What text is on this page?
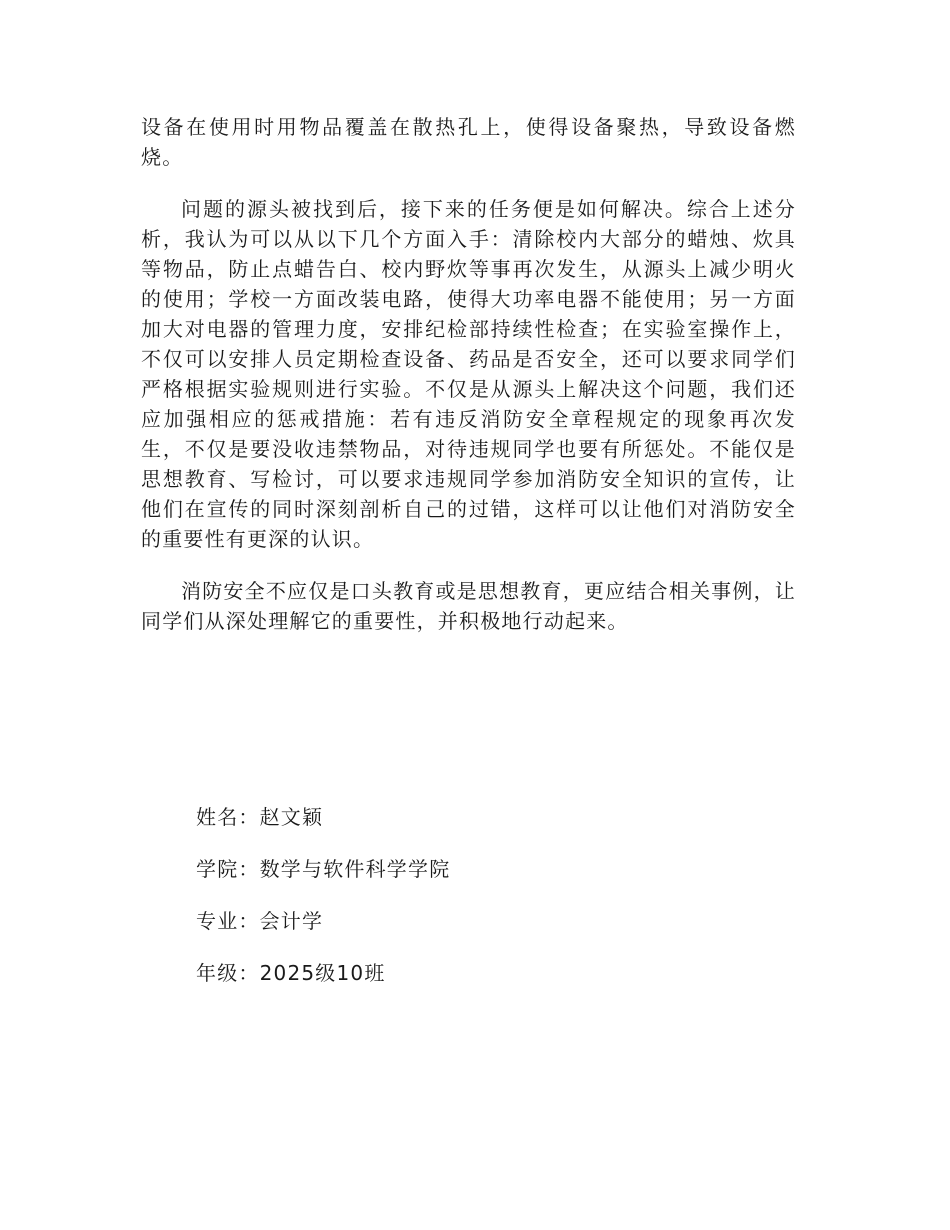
设备在使用时用物品覆盖在散热孔上，使得设备聚热，导致设备燃烧。

问题的源头被找到后，接下来的任务便是如何解决。综合上述分析，我认为可以从以下几个方面入手：清除校内大部分的蜡烛、炊具等物品，防止点蜡告白、校内野炊等事再次发生，从源头上减少明火的使用；学校一方面改装电路，使得大功率电器不能使用；另一方面加大对电器的管理力度，安排纪检部持续性检查；在实验室操作上，不仅可以安排人员定期检查设备、药品是否安全，还可以要求同学们严格根据实验规则进行实验。不仅是从源头上解决这个问题，我们还应加强相应的惩戒措施：若有违反消防安全章程规定的现象再次发生，不仅是要没收违禁物品，对待违规同学也要有所惩处。不能仅是思想教育、写检讨，可以要求违规同学参加消防安全知识的宣传，让他们在宣传的同时深刻剖析自己的过错，这样可以让他们对消防安全的重要性有更深的认识。

消防安全不应仅是口头教育或是思想教育，更应结合相关事例，让同学们从深处理解它的重要性，并积极地行动起来。

姓名：赵文颖
学院：数学与软件科学学院
专业：会计学
年级：2025级10班
